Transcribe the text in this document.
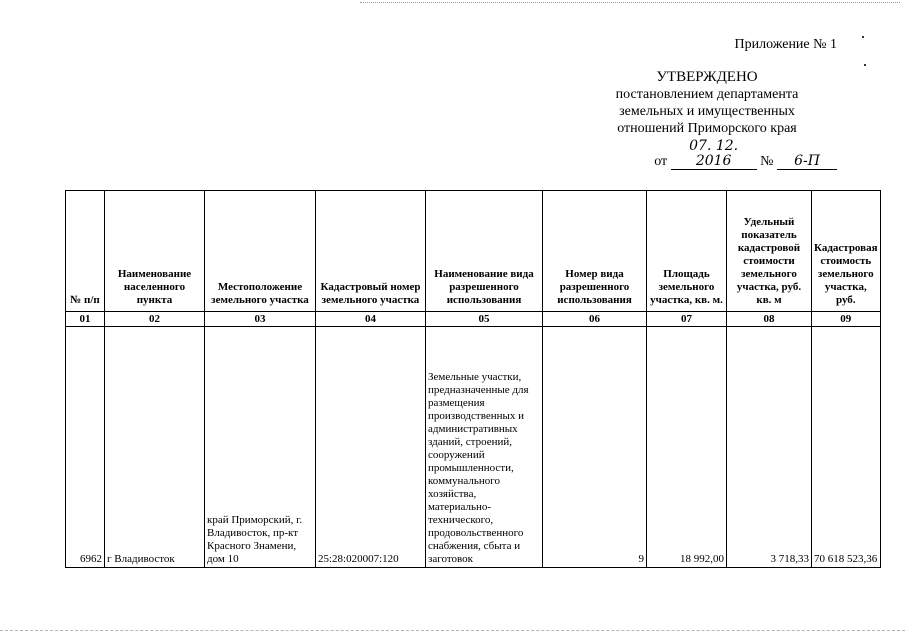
Приложение № 1
УТВЕРЖДЕНО
постановлением департамента
земельных и имущественных
отношений Приморского края
от 07. 12. 2016 № 6-П
№ п/п	Наименование населенного пункта	Местоположение земельного участка	Кадастровый номер земельного участка	Наименование вида разрешенного использования	Номер вида разрешенного использования	Площадь земельного участка, кв. м.	Удельный показатель кадастровой стоимости земельного участка, руб. кв. м	Кадастровая стоимость земельного участка, руб.
01	02	03	04	05	06	07	08	09
6962	г Владивосток	край Приморский, г. Владивосток, пр-кт Красного Знамени, дом 10	25:28:020007:120	Земельные участки, предназначенные для размещения производственных и административных зданий, строений, сооружений промышленности, коммунального хозяйства, материально-технического, продовольственного снабжения, сбыта и заготовок	9	18 992,00	3 718,33	70 618 523,36
